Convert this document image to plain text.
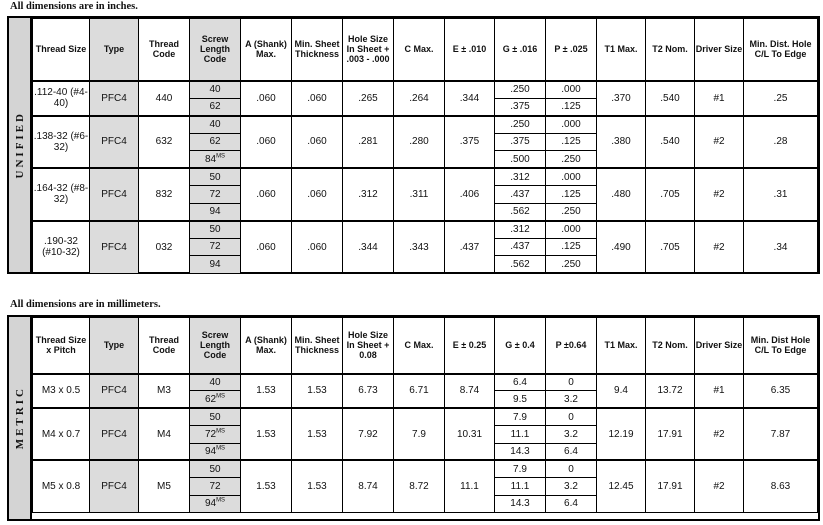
All dimensions are in inches.
UNIFIED
Thread Size	Type	Thread Code	Screw Length Code	A (Shank) Max.	Min. Sheet Thickness	Hole Size In Sheet + .003 - .000	C Max.	E ± .010	G ± .016	P ± .025	T1 Max.	T2 Nom.	Driver Size	Min. Dist. Hole C/L To Edge
.112-40 (#4-40)	PFC4	440	40	.060	.060	.265	.264	.344	.250	.000	.370	.540	#1	.25
			62						.375	.125				
.138-32 (#6-32)	PFC4	632	40	.060	.060	.281	.280	.375	.250	.000	.380	.540	#2	.28
			62						.375	.125				
			$84^{MS}$						.500	.250				
.164-32 (#8-32)	PFC4	832	50	.060	.060	.312	.311	.406	.312	.000	.480	.705	#2	.31
			72						.437	.125				
			94						.562	.250				
.190-32 (#10-32)	PFC4	032	50	.060	.060	.344	.343	.437	.312	.000	.490	.705	#2	.34
			72						.437	.125				
			94						.562	.250				
All dimensions are in millimeters.
METRIC
Thread Size x Pitch	Type	Thread Code	Screw Length Code	A (Shank) Max.	Min. Sheet Thickness	Hole Size In Sheet + 0.08	C Max.	E ± 0.25	G ± 0.4	P ±0.64	T1 Max.	T2 Nom.	Driver Size	Min. Dist Hole C/L To Edge
M3 x 0.5	PFC4	M3	40	1.53	1.53	6.73	6.71	8.74	6.4	0	9.4	13.72	#1	6.35
			$62^{MS}$						9.5	3.2				
M4 x 0.7	PFC4	M4	50	1.53	1.53	7.92	7.9	10.31	7.9	0	12.19	17.91	#2	7.87
			$72^{MS}$						11.1	3.2				
			$94^{MS}$						14.3	6.4				
M5 x 0.8	PFC4	M5	50	1.53	1.53	8.74	8.72	11.1	7.9	0	12.45	17.91	#2	8.63
			72						11.1	3.2				
			$94^{MS}$						14.3	6.4				
